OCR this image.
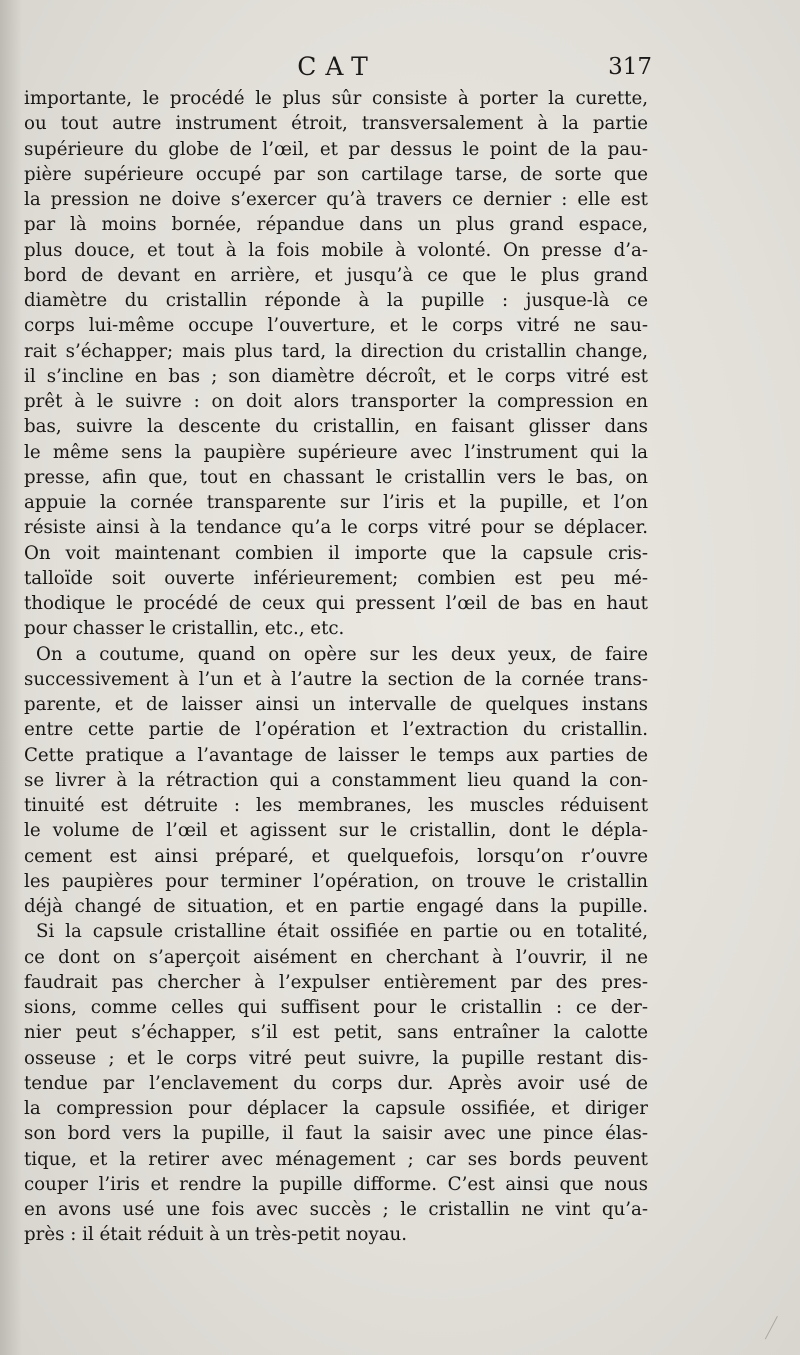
CAT	317
importante, le procédé le plus sûr consiste à porter la curette,
ou tout autre instrument étroit, transversalement à la partie
supérieure du globe de l’œil, et par dessus le point de la pau-
pière supérieure occupé par son cartilage tarse, de sorte que
la pression ne doive s’exercer qu’à travers ce dernier : elle est
par là moins bornée, répandue dans un plus grand espace,
plus douce, et tout à la fois mobile à volonté. On presse d’a-
bord de devant en arrière, et jusqu’à ce que le plus grand
diamètre du cristallin réponde à la pupille : jusque-là ce
corps lui-même occupe l’ouverture, et le corps vitré ne sau-
rait s’échapper; mais plus tard, la direction du cristallin change,
il s’incline en bas ; son diamètre décroît, et le corps vitré est
prêt à le suivre : on doit alors transporter la compression en
bas, suivre la descente du cristallin, en faisant glisser dans
le même sens la paupière supérieure avec l’instrument qui la
presse, afin que, tout en chassant le cristallin vers le bas, on
appuie la cornée transparente sur l’iris et la pupille, et l’on
résiste ainsi à la tendance qu’a le corps vitré pour se déplacer.
On voit maintenant combien il importe que la capsule cris-
talloïde soit ouverte inférieurement; combien est peu mé-
thodique le procédé de ceux qui pressent l’œil de bas en haut
pour chasser le cristallin, etc., etc.
On a coutume, quand on opère sur les deux yeux, de faire
successivement à l’un et à l’autre la section de la cornée trans-
parente, et de laisser ainsi un intervalle de quelques instans
entre cette partie de l’opération et l’extraction du cristallin.
Cette pratique a l’avantage de laisser le temps aux parties de
se livrer à la rétraction qui a constamment lieu quand la con-
tinuité est détruite : les membranes, les muscles réduisent
le volume de l’œil et agissent sur le cristallin, dont le dépla-
cement est ainsi préparé, et quelquefois, lorsqu’on r’ouvre
les paupières pour terminer l’opération, on trouve le cristallin
déjà changé de situation, et en partie engagé dans la pupille.
Si la capsule cristalline était ossifiée en partie ou en totalité,
ce dont on s’aperçoit aisément en cherchant à l’ouvrir, il ne
faudrait pas chercher à l’expulser entièrement par des pres-
sions, comme celles qui suffisent pour le cristallin : ce der-
nier peut s’échapper, s’il est petit, sans entraîner la calotte
osseuse ; et le corps vitré peut suivre, la pupille restant dis-
tendue par l’enclavement du corps dur. Après avoir usé de
la compression pour déplacer la capsule ossifiée, et diriger
son bord vers la pupille, il faut la saisir avec une pince élas-
tique, et la retirer avec ménagement ; car ses bords peuvent
couper l’iris et rendre la pupille difforme. C’est ainsi que nous
en avons usé une fois avec succès ; le cristallin ne vint qu’a-
près : il était réduit à un très-petit noyau.
